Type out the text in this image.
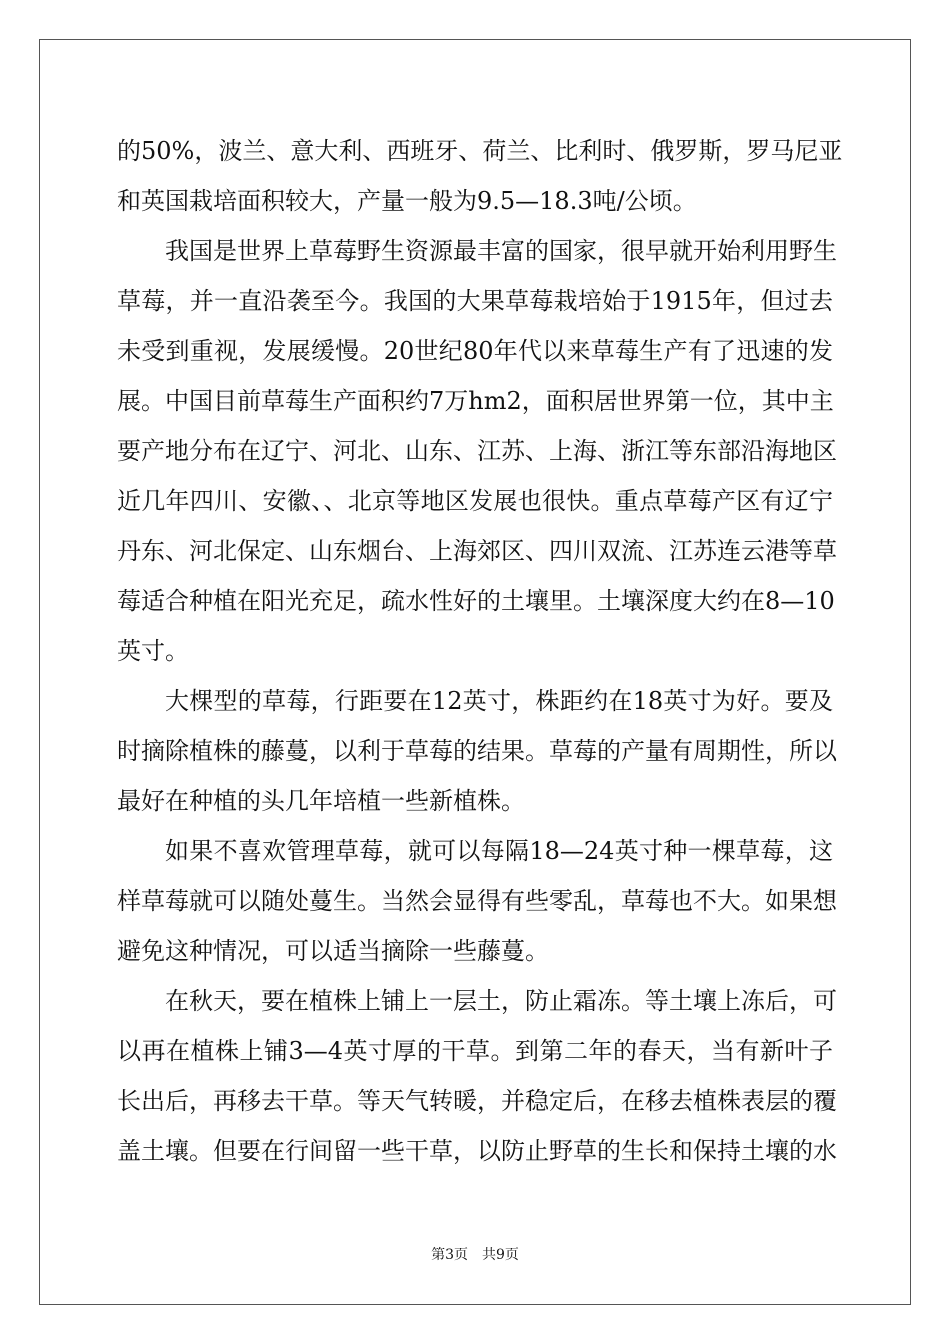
的50%，波兰、意大利、西班牙、荷兰、比利时、俄罗斯，罗马尼亚
和英国栽培面积较大，产量一般为9.5—18.3吨/公顷。
我国是世界上草莓野生资源最丰富的国家，很早就开始利用野生
草莓，并一直沿袭至今。我国的大果草莓栽培始于1915年，但过去
未受到重视，发展缓慢。20世纪80年代以来草莓生产有了迅速的发
展。中国目前草莓生产面积约7万hm2，面积居世界第一位，其中主
要产地分布在辽宁、河北、山东、江苏、上海、浙江等东部沿海地区
近几年四川、安徽、、北京等地区发展也很快。重点草莓产区有辽宁
丹东、河北保定、山东烟台、上海郊区、四川双流、江苏连云港等草
莓适合种植在阳光充足，疏水性好的土壤里。土壤深度大约在8—10
英寸。
大棵型的草莓，行距要在12英寸，株距约在18英寸为好。要及
时摘除植株的藤蔓，以利于草莓的结果。草莓的产量有周期性，所以
最好在种植的头几年培植一些新植株。
如果不喜欢管理草莓，就可以每隔18—24英寸种一棵草莓，这
样草莓就可以随处蔓生。当然会显得有些零乱，草莓也不大。如果想
避免这种情况，可以适当摘除一些藤蔓。
在秋天，要在植株上铺上一层土，防止霜冻。等土壤上冻后，可
以再在植株上铺3—4英寸厚的干草。到第二年的春天，当有新叶子
长出后，再移去干草。等天气转暖，并稳定后，在移去植株表层的覆
盖土壤。但要在行间留一些干草，以防止野草的生长和保持土壤的水
第3页　共9页
